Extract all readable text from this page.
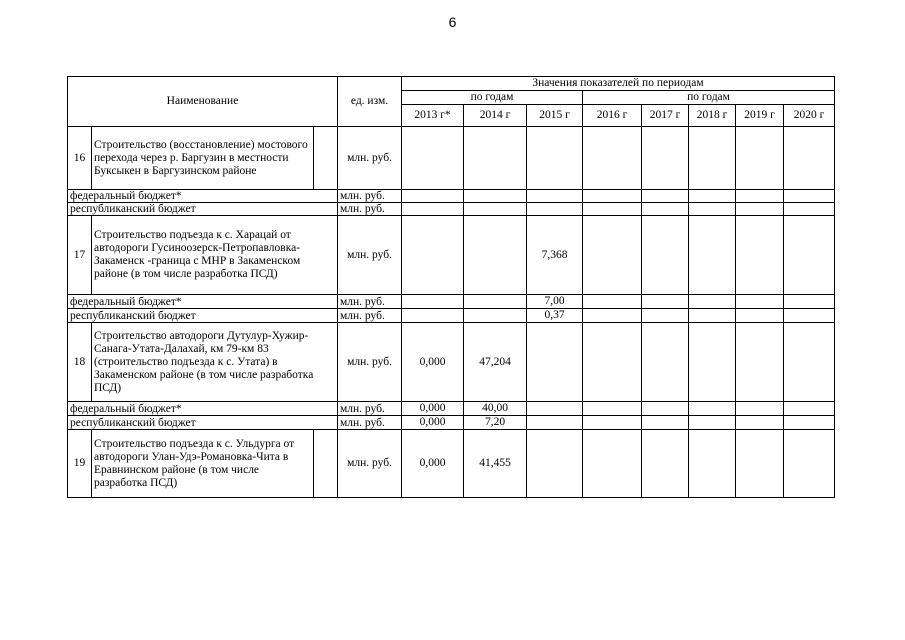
6
Наименование			ед. изм.	Значения показателей по периодам							
				по годам			по годам				
				2013 г*	2014 г	2015 г	2016 г	2017 г	2018 г	2019 г	2020 г
16	Строительство (восстановление) мостового перехода через р. Баргузин в местности Буксыкен в Баргузинском районе		млн. руб.								
федеральный бюджет*			млн. руб.								
республиканский бюджет			млн. руб.								
17	Строительство подъезда к с. Харацай от автодороги Гусиноозерск-Петропавловка-Закаменск -граница с МНР в Закаменском районе (в том числе разработка ПСД)		млн. руб.			7,368					
федеральный бюджет*			млн. руб.			7,00					
республиканский бюджет			млн. руб.			0,37					
18	Строительство автодороги Дутулур-Хужир-Санага-Утата-Далахай, км 79-км 83 (строительство подъезда к с. Утата) в Закаменском районе (в том числе разработка ПСД)		млн. руб.	0,000	47,204						
федеральный бюджет*			млн. руб.	0,000	40,00						
республиканский бюджет			млн. руб.	0,000	7,20						
19	Строительство подъезда к с. Ульдурга от автодороги Улан-Удэ-Романовка-Чита в Еравнинском районе (в том числе разработка ПСД)		млн. руб.	0,000	41,455						
